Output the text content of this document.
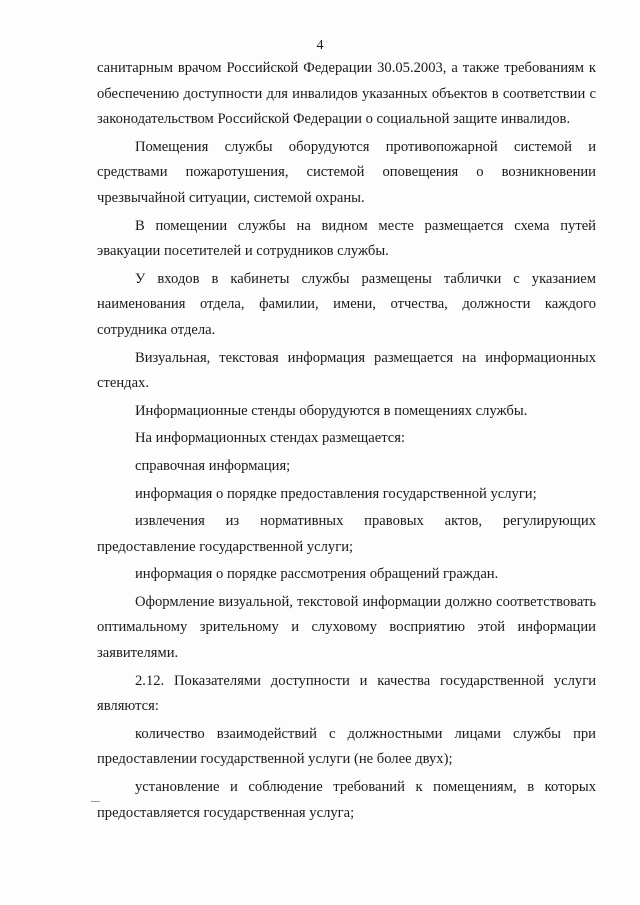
4

санитарным врачом Российской Федерации 30.05.2003, а также требованиям к обеспечению доступности для инвалидов указанных объектов в соответствии с законодательством Российской Федерации о социальной защите инвалидов.

Помещения службы оборудуются противопожарной системой и средствами пожаротушения, системой оповещения о возникновении чрезвычайной ситуации, системой охраны.

В помещении службы на видном месте размещается схема путей эвакуации посетителей и сотрудников службы.

У входов в кабинеты службы размещены таблички с указанием наименования отдела, фамилии, имени, отчества, должности каждого сотрудника отдела.

Визуальная, текстовая информация размещается на информационных стендах.

Информационные стенды оборудуются в помещениях службы.

На информационных стендах размещается:

справочная информация;

информация о порядке предоставления государственной услуги;

извлечения из нормативных правовых актов, регулирующих предоставление государственной услуги;

информация о порядке рассмотрения обращений граждан.

Оформление визуальной, текстовой информации должно соответствовать оптимальному зрительному и слуховому восприятию этой информации заявителями.

2.12. Показателями доступности и качества государственной услуги являются:

количество взаимодействий с должностными лицами службы при предоставлении государственной услуги (не более двух);

установление и соблюдение требований к помещениям, в которых предоставляется государственная услуга;
